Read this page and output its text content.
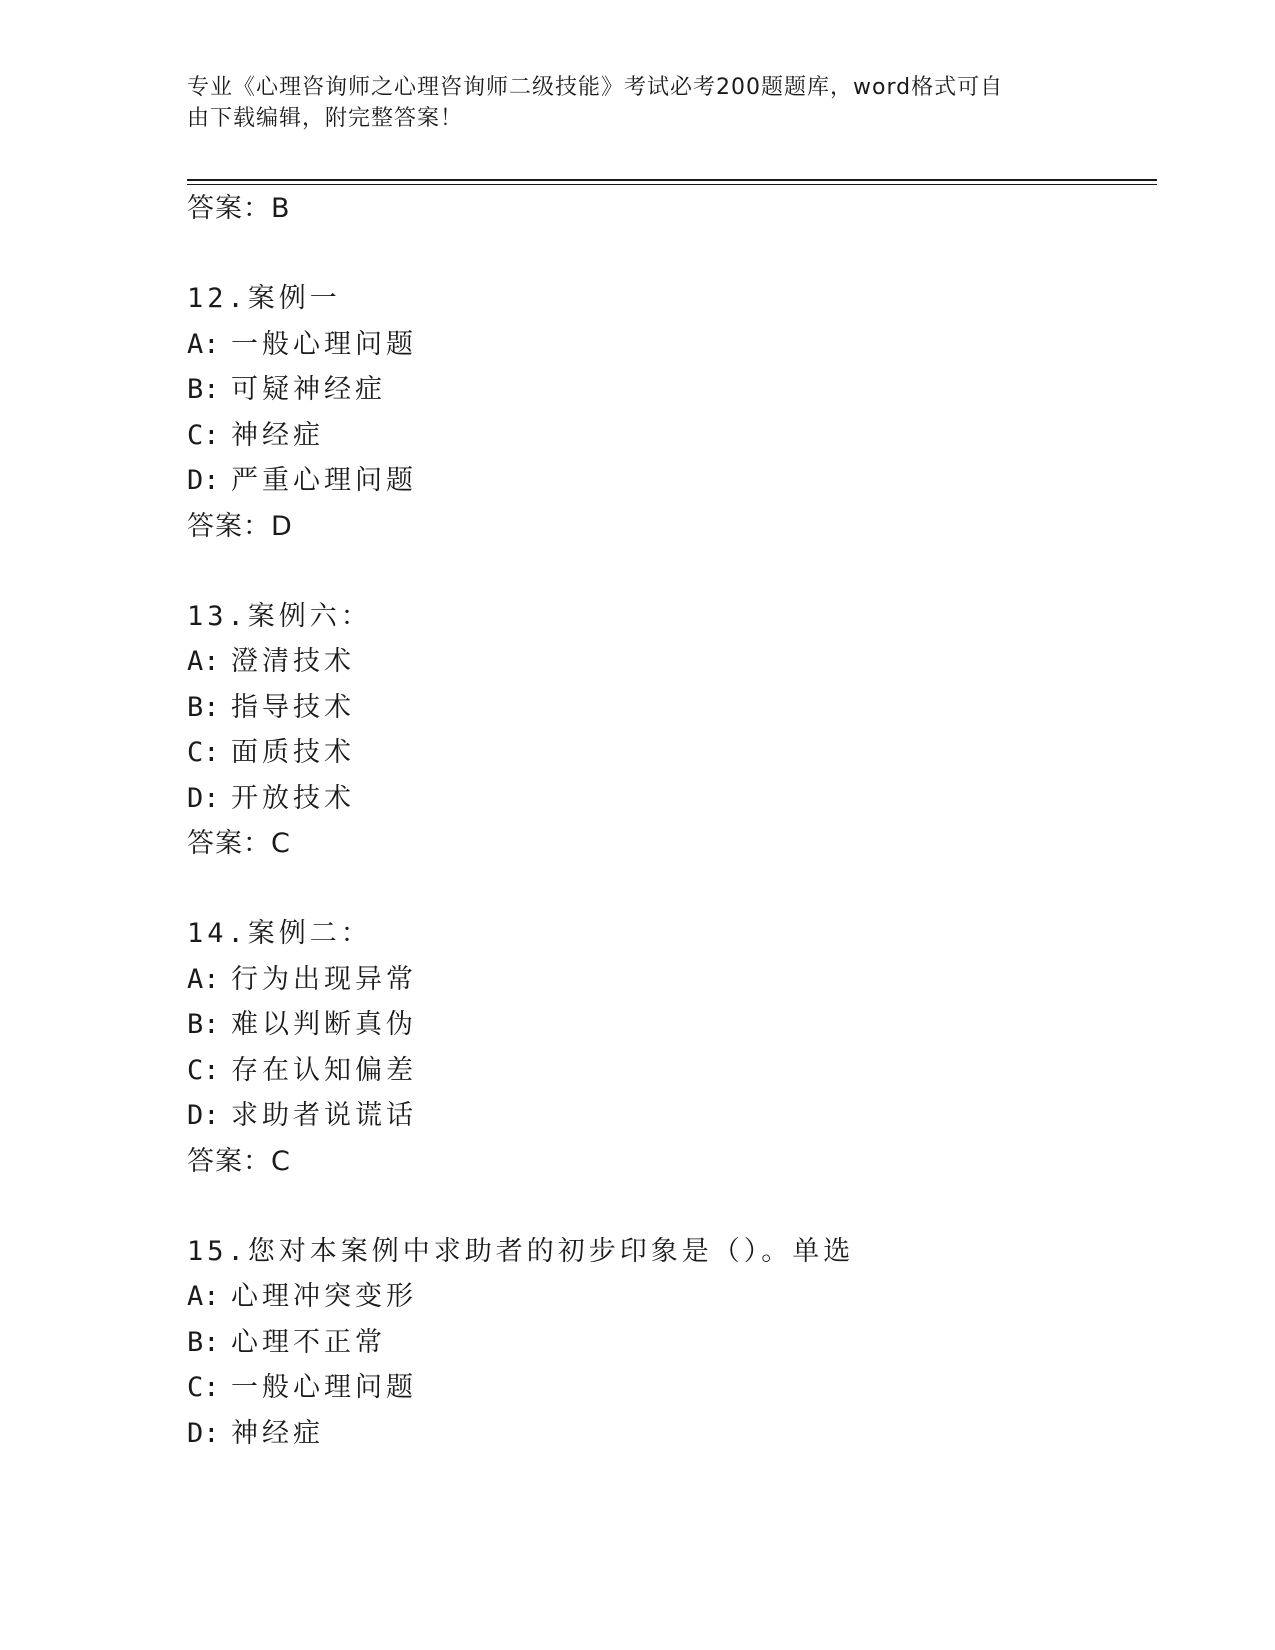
专业《心理咨询师之心理咨询师二级技能》考试必考200题题库，word格式可自
由下载编辑，附完整答案！
答案：B
12.案例一
A: 一般心理问题
B: 可疑神经症
C: 神经症
D: 严重心理问题
答案：D
13.案例六：
A: 澄清技术
B: 指导技术
C: 面质技术
D: 开放技术
答案：C
14.案例二：
A: 行为出现异常
B: 难以判断真伪
C: 存在认知偏差
D: 求助者说谎话
答案：C
15.您对本案例中求助者的初步印象是（）。单选
A: 心理冲突变形
B: 心理不正常
C: 一般心理问题
D: 神经症
